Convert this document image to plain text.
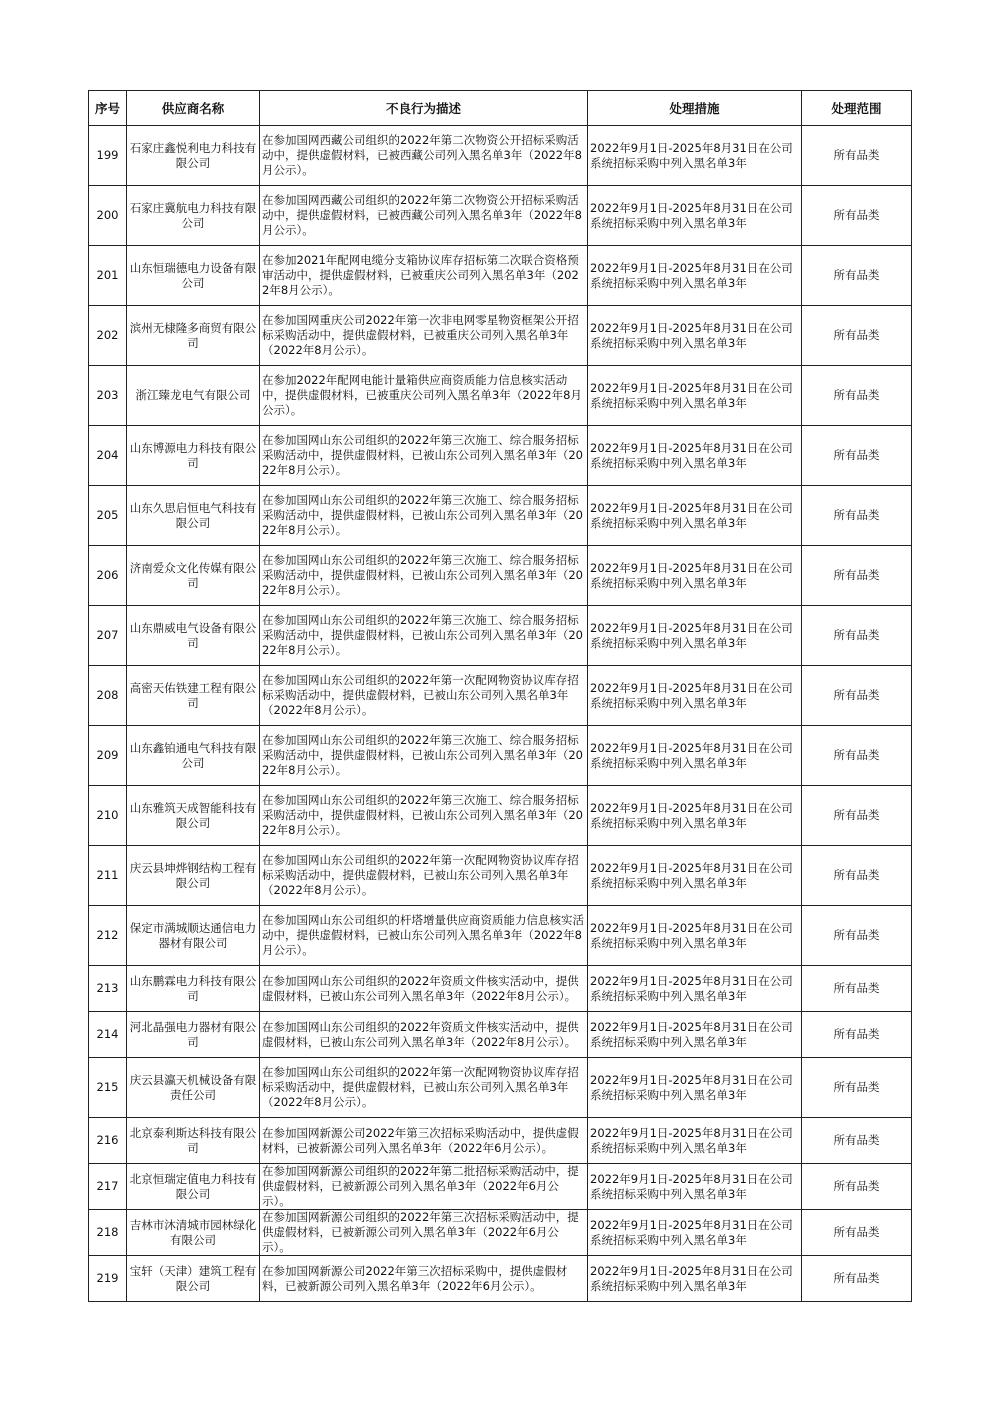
序号	供应商名称	不良行为描述	处理措施	处理范围
199	石家庄鑫悦利电力科技有限公司	在参加国网西藏公司组织的2022年第二次物资公开招标采购活动中，提供虚假材料，已被西藏公司列入黑名单3年（2022年8月公示）。	2022年9月1日-2025年8月31日在公司系统招标采购中列入黑名单3年	所有品类
200	石家庄冀航电力科技有限公司	在参加国网西藏公司组织的2022年第二次物资公开招标采购活动中，提供虚假材料，已被西藏公司列入黑名单3年（2022年8月公示）。	2022年9月1日-2025年8月31日在公司系统招标采购中列入黑名单3年	所有品类
201	山东恒瑞德电力设备有限公司	在参加2021年配网电缆分支箱协议库存招标第二次联合资格预审活动中，提供虚假材料，已被重庆公司列入黑名单3年（2022年8月公示）。	2022年9月1日-2025年8月31日在公司系统招标采购中列入黑名单3年	所有品类
202	滨州无棣隆多商贸有限公司	在参加国网重庆公司2022年第一次非电网零星物资框架公开招标采购活动中，提供虚假材料，已被重庆公司列入黑名单3年（2022年8月公示）。	2022年9月1日-2025年8月31日在公司系统招标采购中列入黑名单3年	所有品类
203	浙江臻龙电气有限公司	在参加2022年配网电能计量箱供应商资质能力信息核实活动中，提供虚假材料，已被重庆公司列入黑名单3年（2022年8月公示）。	2022年9月1日-2025年8月31日在公司系统招标采购中列入黑名单3年	所有品类
204	山东博源电力科技有限公司	在参加国网山东公司组织的2022年第三次施工、综合服务招标采购活动中，提供虚假材料，已被山东公司列入黑名单3年（2022年8月公示）。	2022年9月1日-2025年8月31日在公司系统招标采购中列入黑名单3年	所有品类
205	山东久思启恒电气科技有限公司	在参加国网山东公司组织的2022年第三次施工、综合服务招标采购活动中，提供虚假材料，已被山东公司列入黑名单3年（2022年8月公示）。	2022年9月1日-2025年8月31日在公司系统招标采购中列入黑名单3年	所有品类
206	济南爱众文化传媒有限公司	在参加国网山东公司组织的2022年第三次施工、综合服务招标采购活动中，提供虚假材料，已被山东公司列入黑名单3年（2022年8月公示）。	2022年9月1日-2025年8月31日在公司系统招标采购中列入黑名单3年	所有品类
207	山东鼎威电气设备有限公司	在参加国网山东公司组织的2022年第三次施工、综合服务招标采购活动中，提供虚假材料，已被山东公司列入黑名单3年（2022年8月公示）。	2022年9月1日-2025年8月31日在公司系统招标采购中列入黑名单3年	所有品类
208	高密天佑铁建工程有限公司	在参加国网山东公司组织的2022年第一次配网物资协议库存招标采购活动中，提供虚假材料，已被山东公司列入黑名单3年（2022年8月公示）。	2022年9月1日-2025年8月31日在公司系统招标采购中列入黑名单3年	所有品类
209	山东鑫铂通电气科技有限公司	在参加国网山东公司组织的2022年第三次施工、综合服务招标采购活动中，提供虚假材料，已被山东公司列入黑名单3年（2022年8月公示）。	2022年9月1日-2025年8月31日在公司系统招标采购中列入黑名单3年	所有品类
210	山东雅筑天成智能科技有限公司	在参加国网山东公司组织的2022年第三次施工、综合服务招标采购活动中，提供虚假材料，已被山东公司列入黑名单3年（2022年8月公示）。	2022年9月1日-2025年8月31日在公司系统招标采购中列入黑名单3年	所有品类
211	庆云县坤烨钢结构工程有限公司	在参加国网山东公司组织的2022年第一次配网物资协议库存招标采购活动中，提供虚假材料，已被山东公司列入黑名单3年（2022年8月公示）。	2022年9月1日-2025年8月31日在公司系统招标采购中列入黑名单3年	所有品类
212	保定市满城顺达通信电力器材有限公司	在参加国网山东公司组织的杆塔增量供应商资质能力信息核实活动中，提供虚假材料，已被山东公司列入黑名单3年（2022年8月公示）。	2022年9月1日-2025年8月31日在公司系统招标采购中列入黑名单3年	所有品类
213	山东鹏霖电力科技有限公司	在参加国网山东公司组织的2022年资质文件核实活动中，提供虚假材料，已被山东公司列入黑名单3年（2022年8月公示）。	2022年9月1日-2025年8月31日在公司系统招标采购中列入黑名单3年	所有品类
214	河北晶强电力器材有限公司	在参加国网山东公司组织的2022年资质文件核实活动中，提供虚假材料，已被山东公司列入黑名单3年（2022年8月公示）。	2022年9月1日-2025年8月31日在公司系统招标采购中列入黑名单3年	所有品类
215	庆云县瀛天机械设备有限责任公司	在参加国网山东公司组织的2022年第一次配网物资协议库存招标采购活动中，提供虚假材料，已被山东公司列入黑名单3年（2022年8月公示）。	2022年9月1日-2025年8月31日在公司系统招标采购中列入黑名单3年	所有品类
216	北京泰利斯达科技有限公司	在参加国网新源公司2022年第三次招标采购活动中，提供虚假材料，已被新源公司列入黑名单3年（2022年6月公示）。	2022年9月1日-2025年8月31日在公司系统招标采购中列入黑名单3年	所有品类
217	北京恒瑞定值电力科技有限公司	在参加国网新源公司组织的2022年第二批招标采购活动中，提供虚假材料，已被新源公司列入黑名单3年（2022年6月公示）。	2022年9月1日-2025年8月31日在公司系统招标采购中列入黑名单3年	所有品类
218	吉林市沐清城市园林绿化有限公司	在参加国网新源公司组织的2022年第三次招标采购活动中，提供虚假材料，已被新源公司列入黑名单3年（2022年6月公示）。	2022年9月1日-2025年8月31日在公司系统招标采购中列入黑名单3年	所有品类
219	宝轩（天津）建筑工程有限公司	在参加国网新源公司2022年第三次招标采购中，提供虚假材料，已被新源公司列入黑名单3年（2022年6月公示）。	2022年9月1日-2025年8月31日在公司系统招标采购中列入黑名单3年	所有品类
